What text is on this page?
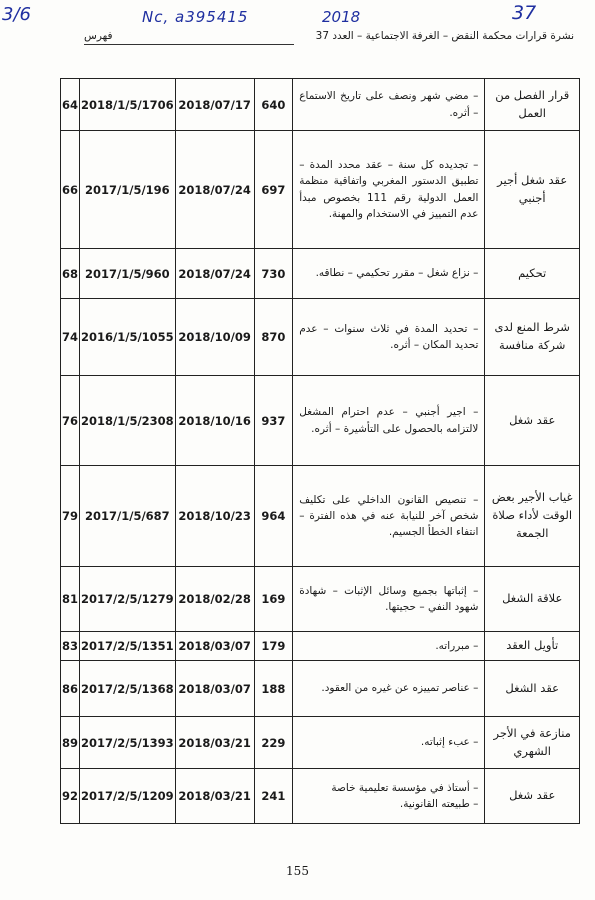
3/6	Nc, a395415	2018	37
نشرة قرارات محكمة النقض – الغرفة الاجتماعية – العدد 37
فهرس
قرار الفصل من العمل	– مضي شهر ونصف على تاريخ الاستماع – أثره.	640	2018/07/17	2018/1/5/1706	64
عقد شغل أجير أجنبي	– تجديده كل سنة – عقد محدد المدة – تطبيق الدستور المغربي واتفاقية منظمة العمل الدولية رقم 111 بخصوص مبدأ عدم التمييز في الاستخدام والمهنة.	697	2018/07/24	2017/1/5/196	66
تحكيم	– نزاع شغل – مقرر تحكيمي – نطاقه.	730	2018/07/24	2017/1/5/960	68
شرط المنع لدى شركة منافسة	– تحديد المدة في ثلاث سنوات – عدم تحديد المكان – أثره.	870	2018/10/09	2016/1/5/1055	74
عقد شغل	– اجير أجنبي – عدم احترام المشغل لالتزامه بالحصول على التأشيرة – أثره.	937	2018/10/16	2018/1/5/2308	76
غياب الأجير بعض الوقت لأداء صلاة الجمعة	– تنصيص القانون الداخلي على تكليف شخص آخر للنيابة عنه في هذه الفترة – انتفاء الخطأ الجسيم.	964	2018/10/23	2017/1/5/687	79
علاقة الشغل	– إثباتها بجميع وسائل الإثبات – شهادة شهود النفي – حجيتها.	169	2018/02/28	2017/2/5/1279	81
تأويل العقد	– مبرراته.	179	2018/03/07	2017/2/5/1351	83
عقد الشغل	– عناصر تمييزه عن غيره من العقود.	188	2018/03/07	2017/2/5/1368	86
منازعة في الأجر الشهري	– عبء إثباته.	229	2018/03/21	2017/2/5/1393	89
عقد شغل	– أستاذ في مؤسسة تعليمية خاصة
– طبيعته القانونية.	241	2018/03/21	2017/2/5/1209	92
155
